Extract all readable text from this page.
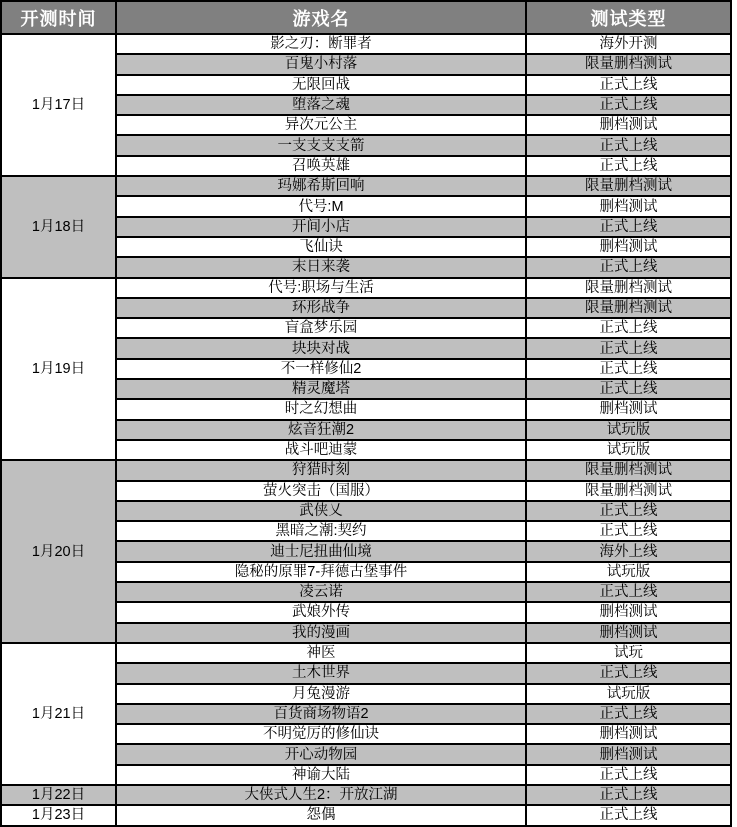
开测时间	游戏名	测试类型
1月17日	影之刃：断罪者	海外开测
	百鬼小村落	限量删档测试
	无限回战	正式上线
	堕落之魂	正式上线
	异次元公主	删档测试
	一支支支支箭	正式上线
	召唤英雄	正式上线
1月18日	玛娜希斯回响	限量删档测试
	代号:M	删档测试
	开间小店	正式上线
	飞仙诀	删档测试
	末日来袭	正式上线
1月19日	代号:职场与生活	限量删档测试
	环形战争	限量删档测试
	盲盒梦乐园	正式上线
	块块对战	正式上线
	不一样修仙2	正式上线
	精灵魔塔	正式上线
	时之幻想曲	删档测试
	炫音狂潮2	试玩版
	战斗吧迪蒙	试玩版
1月20日	狩猎时刻	限量删档测试
	萤火突击（国服）	限量删档测试
	武侠乂	正式上线
	黑暗之潮:契约	正式上线
	迪士尼扭曲仙境	海外上线
	隐秘的原罪7-拜德古堡事件	试玩版
	凌云诺	正式上线
	武娘外传	删档测试
	我的漫画	删档测试
1月21日	神医	试玩
	土木世界	正式上线
	月兔漫游	试玩版
	百货商场物语2	正式上线
	不明觉厉的修仙诀	删档测试
	开心动物园	删档测试
	神谕大陆	正式上线
1月22日	大侠式人生2：开放江湖	正式上线
1月23日	怨偶	正式上线
